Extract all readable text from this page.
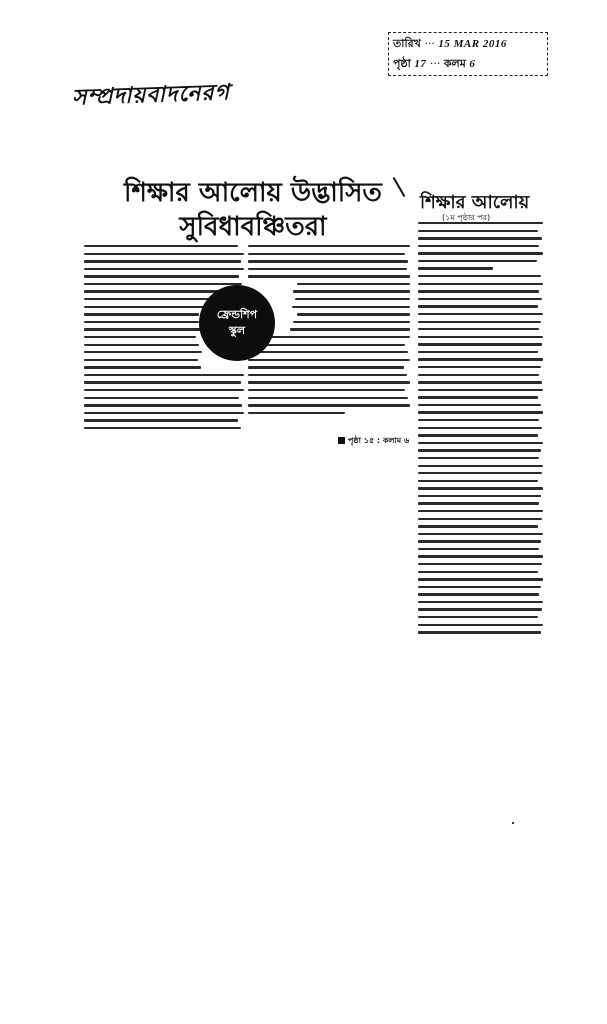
তারিখ ··· 15 MAR 2016
পৃষ্ঠা 17 ··· কলম 6
সম্প্রদায়বাদনেরগ
শিক্ষার আলোয় উদ্ভাসিত
সুবিধাবঞ্চিতরা
শিক্ষার আলোয়
(১ম পৃষ্ঠার পর)
ফ্রেন্ডশিপ
স্কুল
পৃষ্ঠা ১৫ : কলাম ৬
